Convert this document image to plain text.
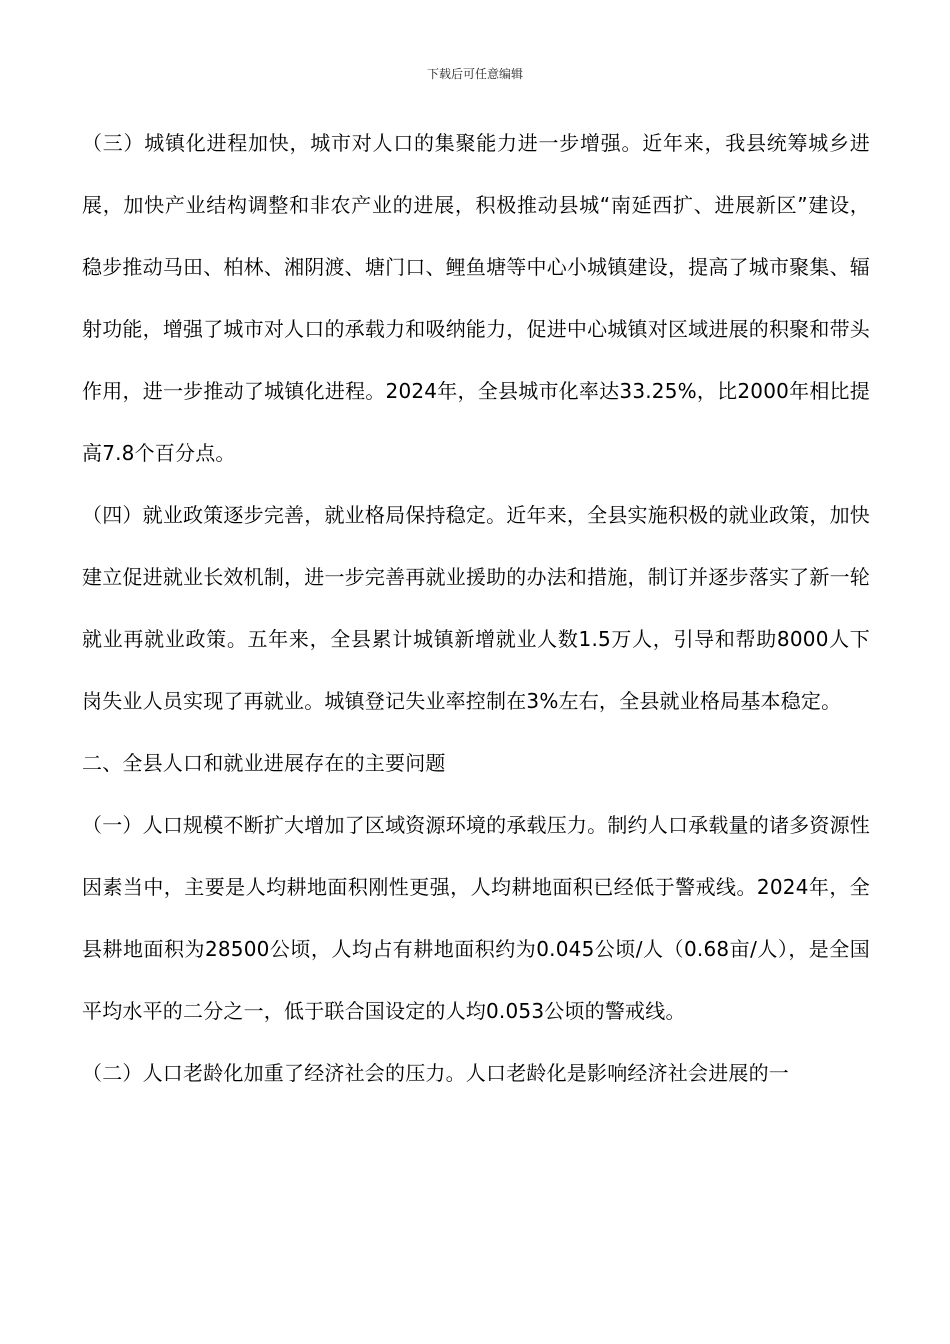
下载后可任意编辑

（三）城镇化进程加快，城市对人口的集聚能力进一步增强。近年来，我县统筹城乡进展，加快产业结构调整和非农产业的进展，积极推动县城“南延西扩、进展新区”建设，稳步推动马田、柏林、湘阴渡、塘门口、鲤鱼塘等中心小城镇建设，提高了城市聚集、辐射功能，增强了城市对人口的承载力和吸纳能力，促进中心城镇对区域进展的积聚和带头作用，进一步推动了城镇化进程。2024年，全县城市化率达33.25%，比2000年相比提高7.8个百分点。

（四）就业政策逐步完善，就业格局保持稳定。近年来，全县实施积极的就业政策，加快建立促进就业长效机制，进一步完善再就业援助的办法和措施，制订并逐步落实了新一轮就业再就业政策。五年来，全县累计城镇新增就业人数1.5万人，引导和帮助8000人下岗失业人员实现了再就业。城镇登记失业率控制在3%左右，全县就业格局基本稳定。

二、全县人口和就业进展存在的主要问题

（一）人口规模不断扩大增加了区域资源环境的承载压力。制约人口承载量的诸多资源性因素当中，主要是人均耕地面积刚性更强，人均耕地面积已经低于警戒线。2024年，全县耕地面积为28500公顷，人均占有耕地面积约为0.045公顷/人（0.68亩/人），是全国平均水平的二分之一，低于联合国设定的人均0.053公顷的警戒线。

（二）人口老龄化加重了经济社会的压力。人口老龄化是影响经济社会进展的一
